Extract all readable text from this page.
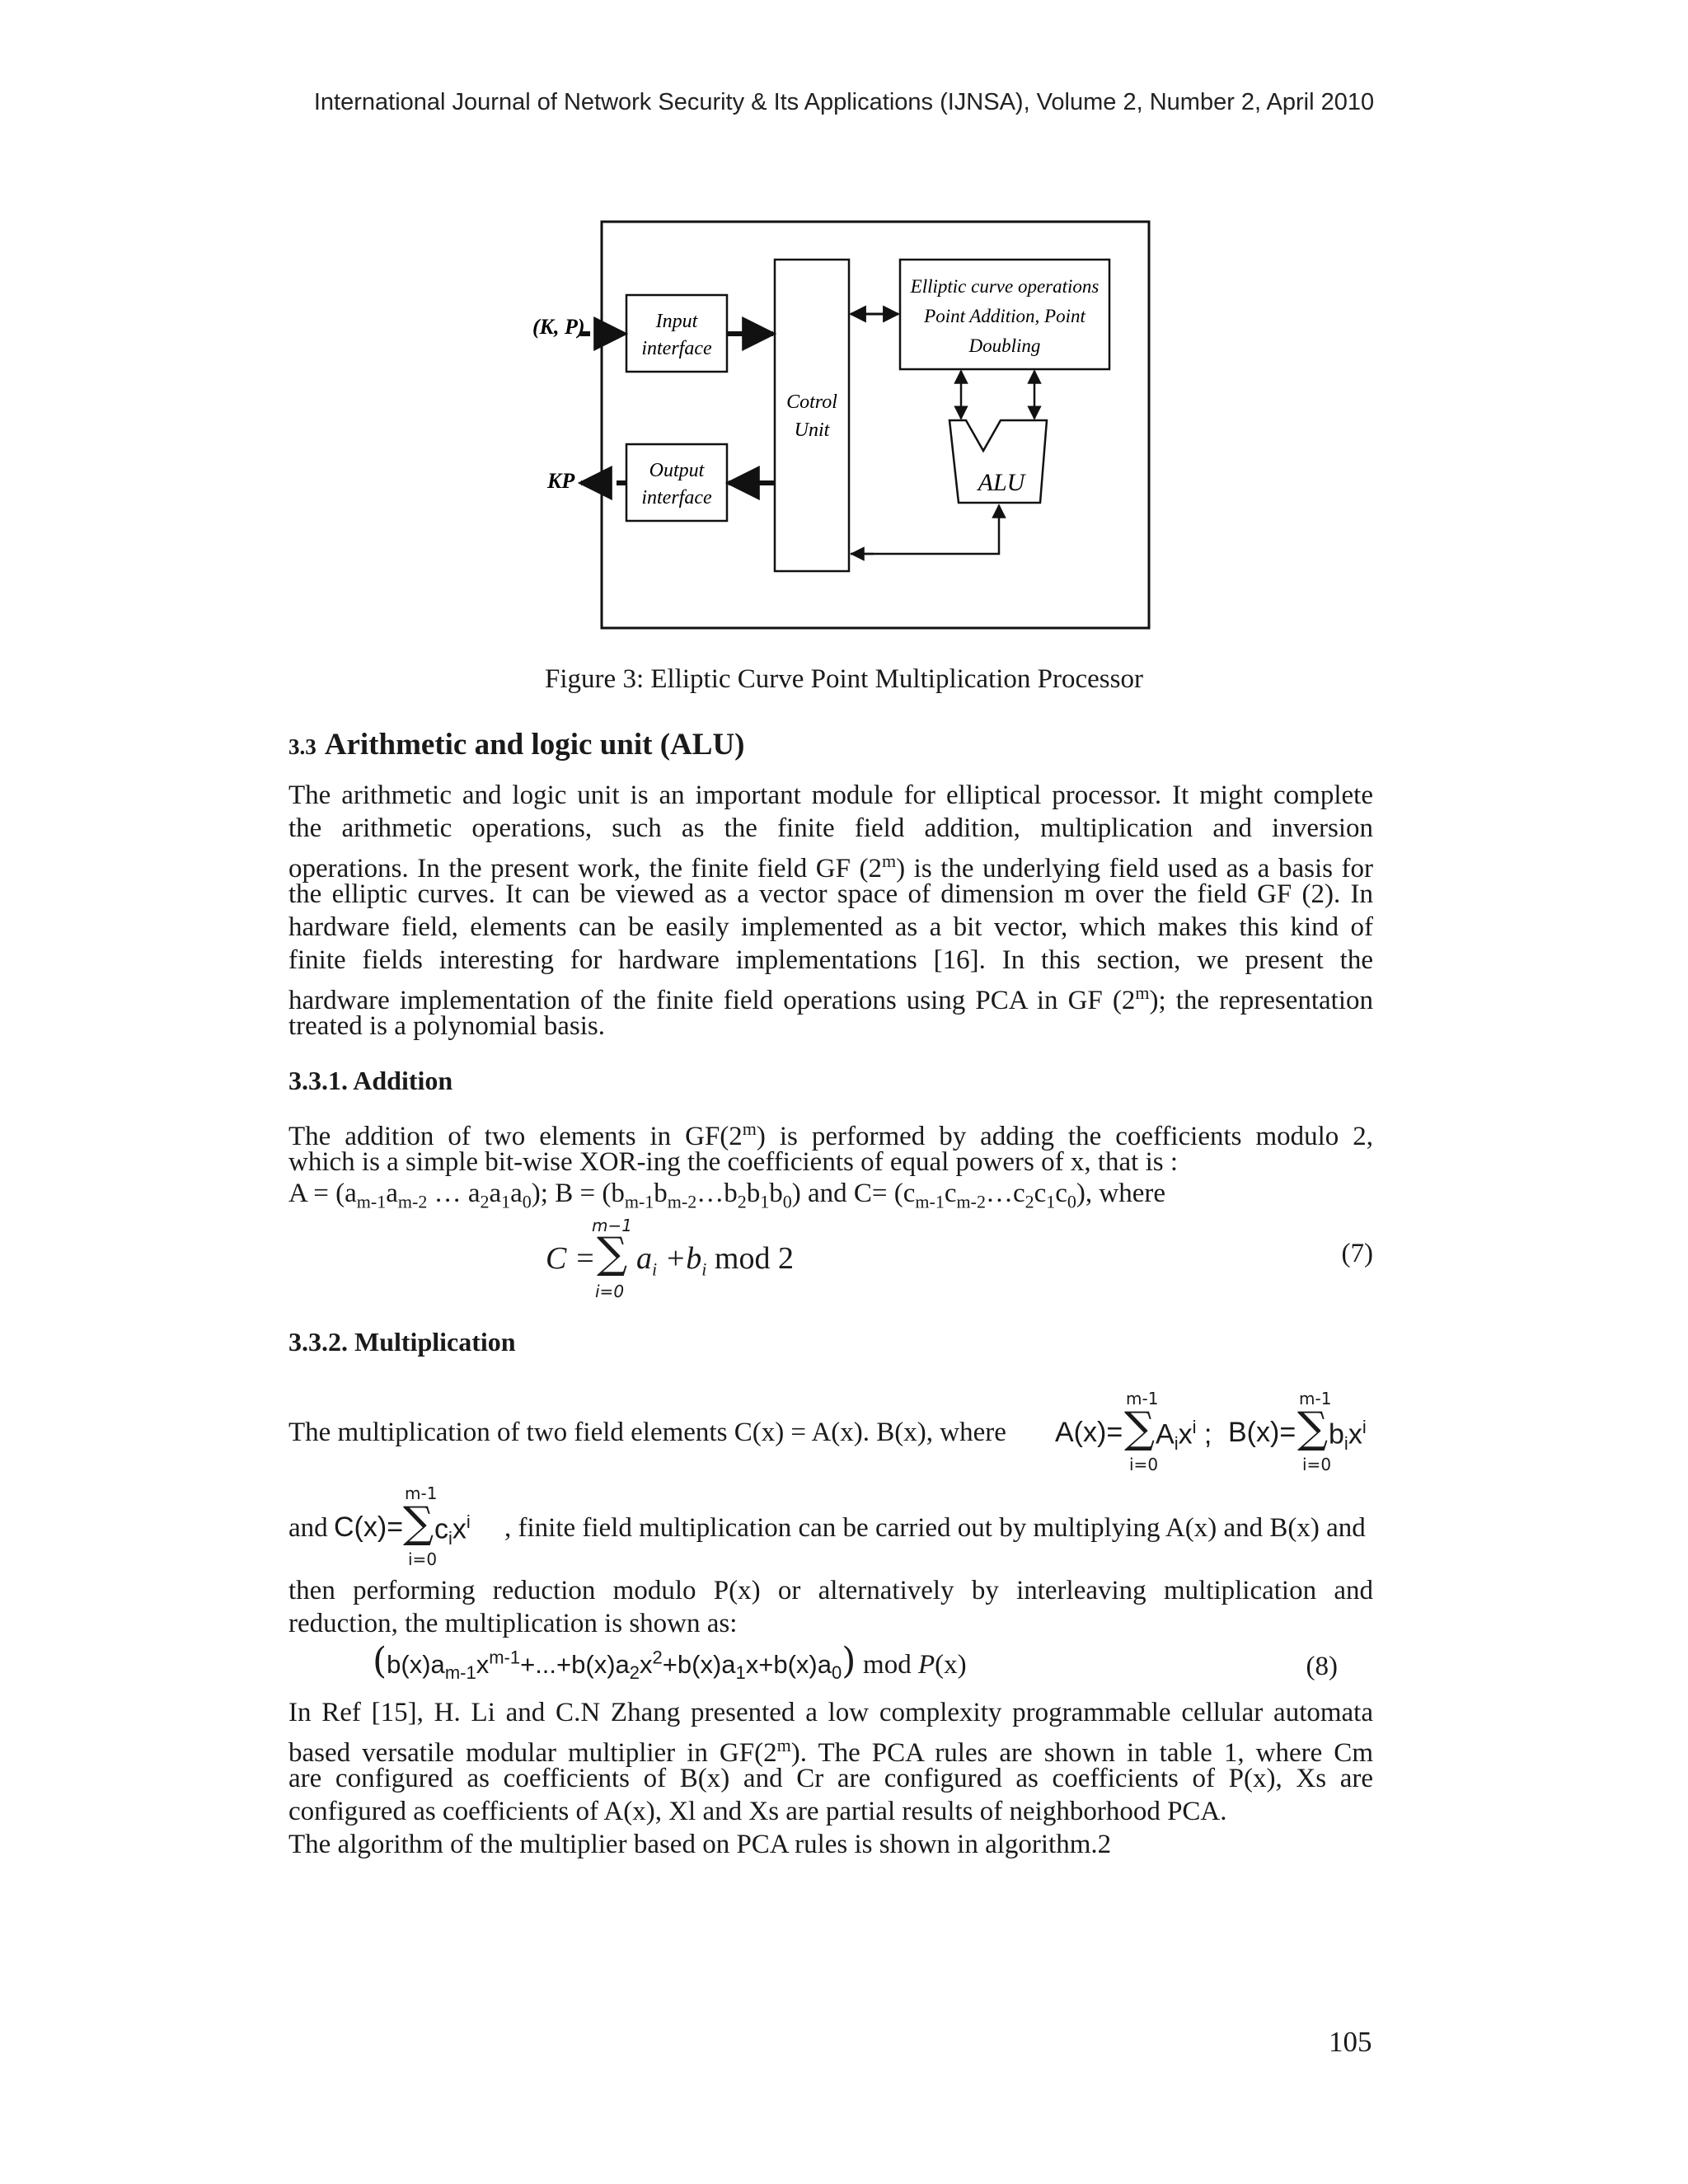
International Journal of Network Security & Its Applications (IJNSA), Volume 2, Number 2, April 2010
Input
interface
Output
interface
Cotrol
Unit
Elliptic curve operations
Point Addition, Point
Doubling
ALU
(K, P)
KP
Figure 3: Elliptic Curve Point Multiplication Processor
3.3 Arithmetic and logic unit (ALU)
The arithmetic and logic unit is an important module for elliptical processor. It might complete
the arithmetic operations, such as the finite field addition, multiplication and inversion
operations. In the present work, the finite field GF (2$^m$) is the underlying field used as a basis for
the elliptic curves. It can be viewed as a vector space of dimension m over the field GF (2). In
hardware field, elements can be easily implemented as a bit vector, which makes this kind of
finite fields interesting for hardware implementations [16]. In this section, we present the
hardware implementation of the finite field operations using PCA in GF (2$^m$); the representation
treated is a polynomial basis.
3.3.1. Addition
The addition of two elements in GF(2$^m$) is performed by adding the coefficients modulo 2,
which is a simple bit-wise XOR-ing the coefficients of equal powers of x, that is :
$A = (a_{m-1}a_{m-2}$ … $a_2a_1a_0$); $B = (b_{m-1}b_{m-2}\dots b_2b_1b_0)$ and $C= (c_{m-1}c_{m-2}\dots c_2c_1c_0)$, where
m−1
C = ∑ $a_i +b_i$ mod 2
i=0
(7)
3.3.2. Multiplication
The multiplication of two field elements C(x) = A(x). B(x), where
m-1
A(x)= ∑ $A_ix^i$ ;
i=0
m-1
B(x)= ∑ $b_ix^i$
i=0
and
m-1
C(x)= ∑ $c_ix^i$
i=0
, finite field multiplication can be carried out by multiplying A(x) and B(x) and
then performing reduction modulo P(x) or alternatively by interleaving multiplication and
reduction, the multiplication is shown as:
$(b(x)a_{m-1}x^{m-1}+...+b(x)a_2x^2+b(x)a_1x+b(x)a_0)$ mod P(x)	(8)
In Ref [15], H. Li and C.N Zhang presented a low complexity programmable cellular automata
based versatile modular multiplier in GF(2$^m$). The PCA rules are shown in table 1, where Cm
are configured as coefficients of B(x) and Cr are configured as coefficients of P(x), Xs are
configured as coefficients of A(x), Xl and Xs are partial results of neighborhood PCA.
The algorithm of the multiplier based on PCA rules is shown in algorithm.2
105
